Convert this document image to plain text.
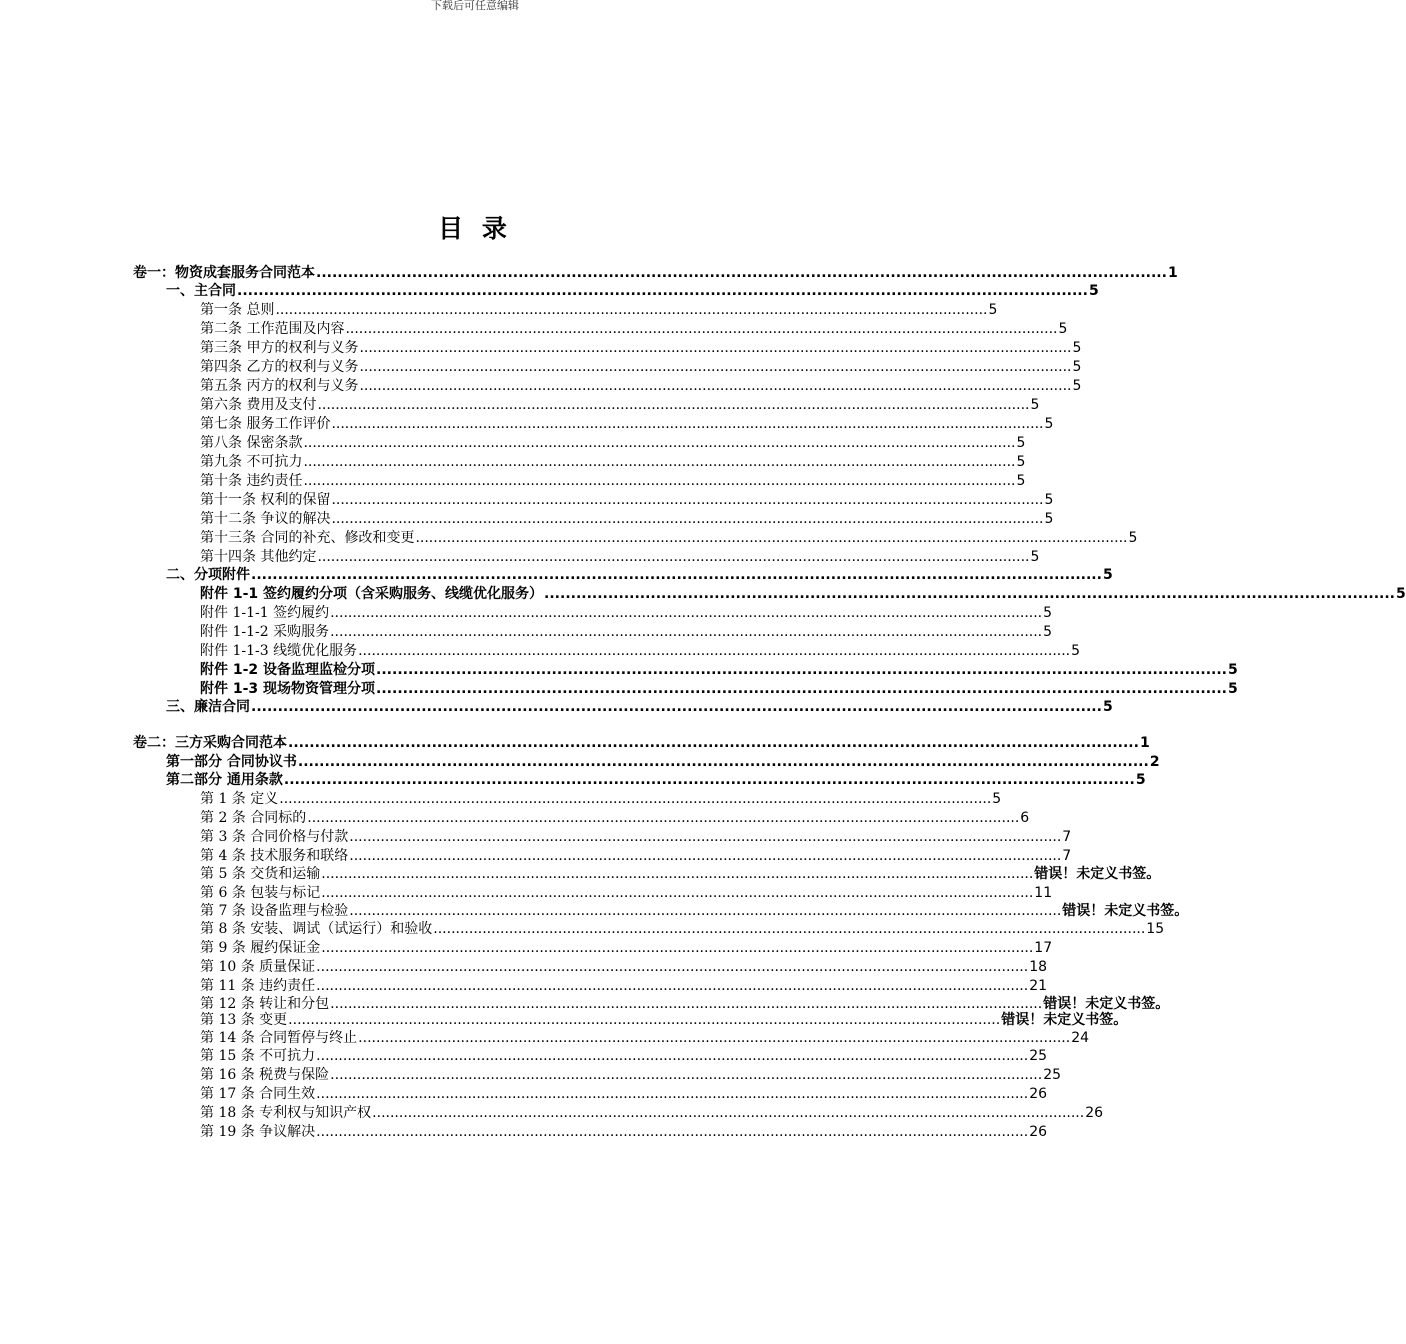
下载后可任意编辑
目 录
卷一：物资成套服务合同范本 ................................................................................................................................................................ 1
一、主合同 ................................................................................................................................................................ 5
第一条 总则 ................................................................................................................................................................ 5
第二条 工作范围及内容 ................................................................................................................................................................ 5
第三条 甲方的权利与义务 ................................................................................................................................................................ 5
第四条 乙方的权利与义务 ................................................................................................................................................................ 5
第五条 丙方的权利与义务 ................................................................................................................................................................ 5
第六条 费用及支付 ................................................................................................................................................................ 5
第七条 服务工作评价 ................................................................................................................................................................ 5
第八条 保密条款 ................................................................................................................................................................ 5
第九条 不可抗力 ................................................................................................................................................................ 5
第十条 违约责任 ................................................................................................................................................................ 5
第十一条 权利的保留 ................................................................................................................................................................ 5
第十二条 争议的解决 ................................................................................................................................................................ 5
第十三条 合同的补充、修改和变更 ................................................................................................................................................................ 5
第十四条 其他约定 ................................................................................................................................................................ 5
二、分项附件 ................................................................................................................................................................ 5
附件 1-1 签约履约分项（含采购服务、线缆优化服务） ................................................................................................................................................................ 5
附件 1-1-1 签约履约 ................................................................................................................................................................ 5
附件 1-1-2 采购服务 ................................................................................................................................................................ 5
附件 1-1-3 线缆优化服务 ................................................................................................................................................................ 5
附件 1-2 设备监理监检分项 ................................................................................................................................................................ 5
附件 1-3 现场物资管理分项 ................................................................................................................................................................ 5
三、廉洁合同 ................................................................................................................................................................ 5
卷二：三方采购合同范本 ................................................................................................................................................................ 1
第一部分 合同协议书 ................................................................................................................................................................ 2
第二部分 通用条款 ................................................................................................................................................................ 5
第 1 条 定义 ................................................................................................................................................................ 5
第 2 条 合同标的 ................................................................................................................................................................ 6
第 3 条 合同价格与付款 ................................................................................................................................................................ 7
第 4 条 技术服务和联络 ................................................................................................................................................................ 7
第 5 条 交货和运输 ................................................................................................................................................................ 错误！未定义书签。
第 6 条 包装与标记 ................................................................................................................................................................ 11
第 7 条 设备监理与检验 ................................................................................................................................................................ 错误！未定义书签。
第 8 条 安装、调试（试运行）和验收 ................................................................................................................................................................ 15
第 9 条 履约保证金 ................................................................................................................................................................ 17
第 10 条 质量保证 ................................................................................................................................................................ 18
第 11 条 违约责任 ................................................................................................................................................................ 21
第 12 条 转让和分包 ................................................................................................................................................................ 错误！未定义书签。
第 13 条 变更 ................................................................................................................................................................ 错误！未定义书签。
第 14 条 合同暂停与终止 ................................................................................................................................................................ 24
第 15 条 不可抗力 ................................................................................................................................................................ 25
第 16 条 税费与保险 ................................................................................................................................................................ 25
第 17 条 合同生效 ................................................................................................................................................................ 26
第 18 条 专利权与知识产权 ................................................................................................................................................................ 26
第 19 条 争议解决 ................................................................................................................................................................ 26
